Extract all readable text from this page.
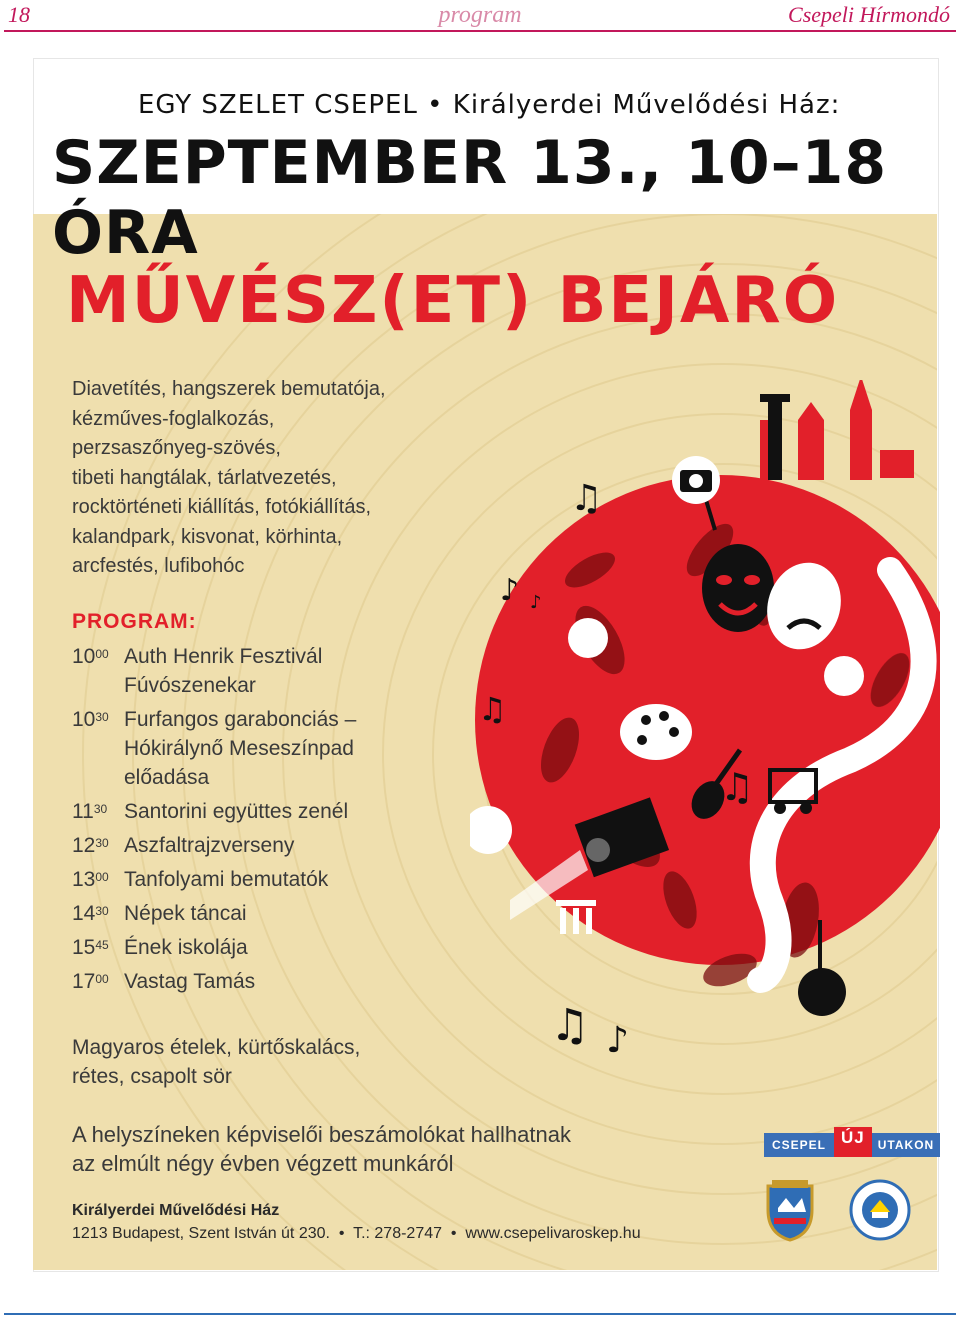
18	program	Csepeli Hírmondó
EGY SZELET CSEPEL • Királyerdei Művelődési Ház:
SZEPTEMBER 13., 10–18 ÓRA
MŰVÉSZ(ET) BEJÁRÓ
Diavetítés, hangszerek bemutatója,
kézműves-foglalkozás,
perzsaszőnyeg-szövés,
tibeti hangtálak, tárlatvezetés,
rocktörténeti kiállítás, fotókiállítás,
kalandpark, kisvonat, körhinta,
arcfestés, lufibohóc
PROGRAM:
$10^{00}$ Auth Henrik Fesztivál
Fúvószenekar
$10^{30}$ Furfangos garabonciás –
Hókirálynő Meseszínpad
előadása
$11^{30}$ Santorini együttes zenél
$12^{30}$ Aszfaltrajzverseny
$13^{00}$ Tanfolyami bemutatók
$14^{30}$ Népek táncai
$15^{45}$ Ének iskolája
$17^{00}$ Vastag Tamás
Magyaros ételek, kürtőskalács,
rétes, csapolt sör
A helyszíneken képviselői beszámolókat hallhatnak
az elmúlt négy évben végzett munkáról
Királyerdei Művelődési Ház
1213 Budapest, Szent István út 230.  •  T.: 278-2747  •  www.csepelivaroskep.hu
CSEPEL ÚJ	UTAKON
♫
♪ ♪
♫
♫
♫ ♪
